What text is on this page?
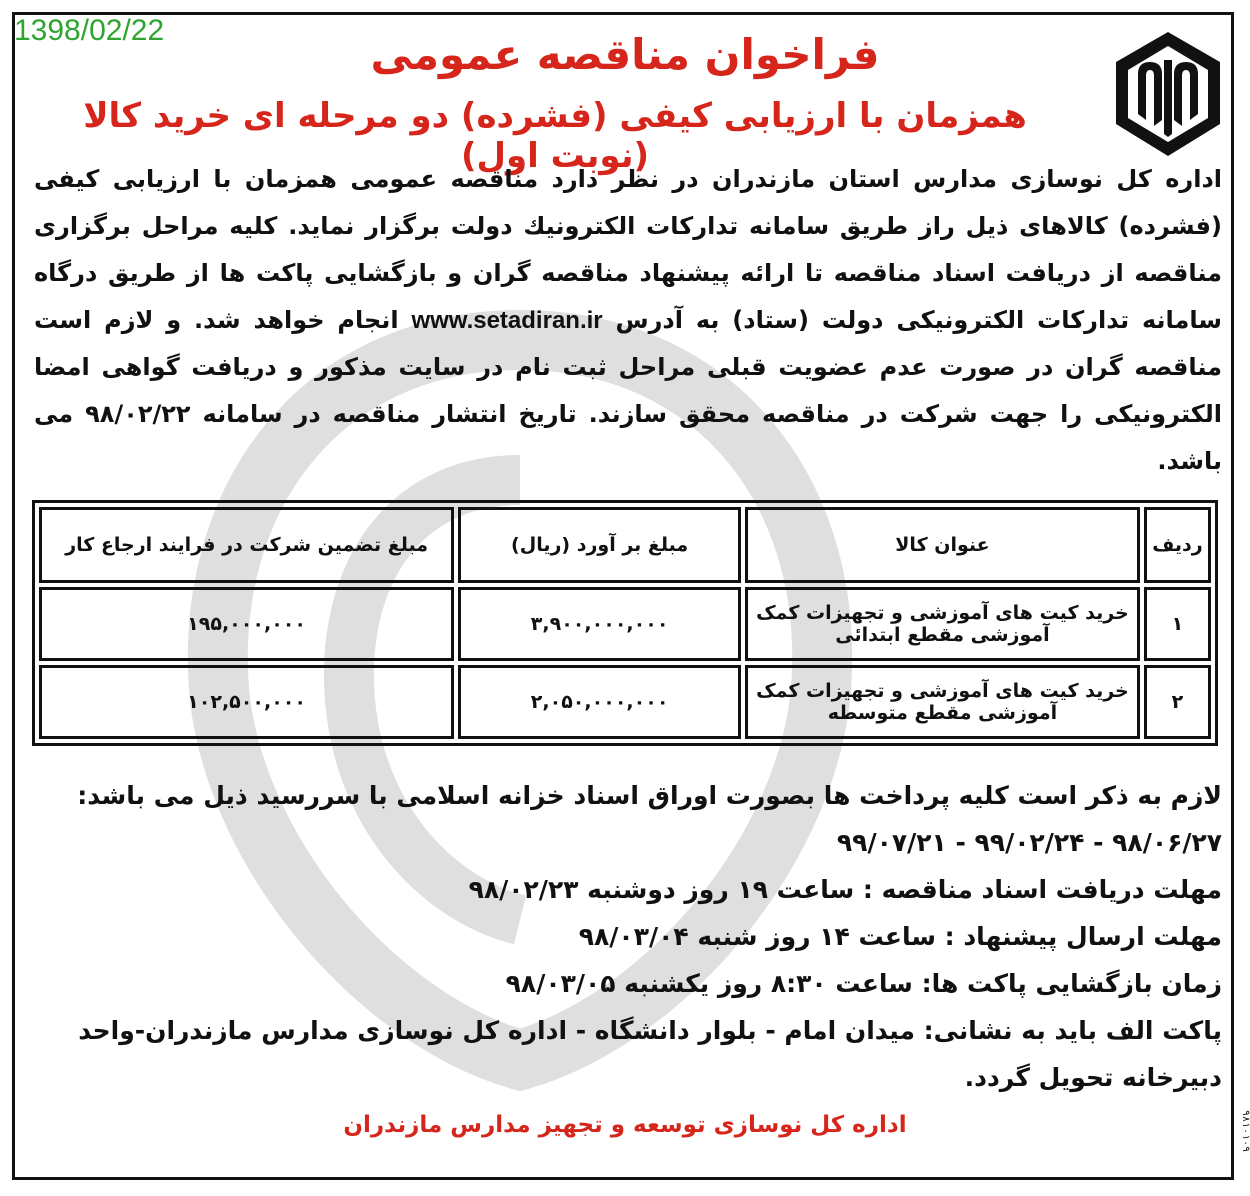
1398/02/22	فراخوان مناقصه عمومی
همزمان با ارزیابی کیفی (فشرده) دو مرحله ای خرید کالا (نوبت اول)
اداره کل نوسازی مدارس استان مازندران در نظر دارد مناقصه عمومی همزمان با ارزیابی کیفی (فشرده) کالاهای ذیل راز طریق سامانه تدارکات الکترونیك دولت برگزار نماید. کلیه مراحل برگزاری مناقصه از دریافت اسناد مناقصه تا ارائه پیشنهاد مناقصه گران و بازگشایی پاکت ها از طریق درگاه سامانه تدارکات الکترونیکی دولت (ستاد) به آدرس www.setadiran.ir انجام خواهد شد. و لازم است مناقصه گران در صورت عدم عضویت قبلی مراحل ثبت نام در سایت مذکور و دریافت گواهی امضا الکترونیکی را جهت شرکت در مناقصه محقق سازند. تاریخ انتشار مناقصه در سامانه ۹۸/۰۲/۲۲ می باشد.
ردیف	عنوان کالا	مبلغ بر آورد (ریال)	مبلغ تضمین شرکت در فرایند ارجاع کار
۱	خرید کیت های آموزشی و تجهیزات کمک آموزشی مقطع ابتدائی	۳,۹۰۰,۰۰۰,۰۰۰	۱۹۵,۰۰۰,۰۰۰
۲	خرید کیت های آموزشی و تجهیزات کمک آموزشی مقطع متوسطه	۲,۰۵۰,۰۰۰,۰۰۰	۱۰۲,۵۰۰,۰۰۰

لازم به ذکر است کلیه پرداخت ها بصورت اوراق اسناد خزانه اسلامی با سررسید ذیل می باشد:

۹۸/۰۶/۲۷ - ۹۹/۰۲/۲۴ - ۹۹/۰۷/۲۱

مهلت دریافت اسناد مناقصه : ساعت ۱۹ روز دوشنبه ۹۸/۰۲/۲۳

مهلت ارسال پیشنهاد : ساعت ۱۴ روز شنبه ۹۸/۰۳/۰۴

زمان بازگشایی پاکت ها: ساعت ۸:۳۰ روز یکشنبه ۹۸/۰۳/۰۵

پاکت الف باید به نشانی: میدان امام - بلوار دانشگاه - اداره کل نوسازی مدارس مازندران-واحد دبیرخانه تحویل گردد.

اداره کل نوسازی توسعه و تجهیز مدارس مازندران	۹۸۱۰۱۰۹
